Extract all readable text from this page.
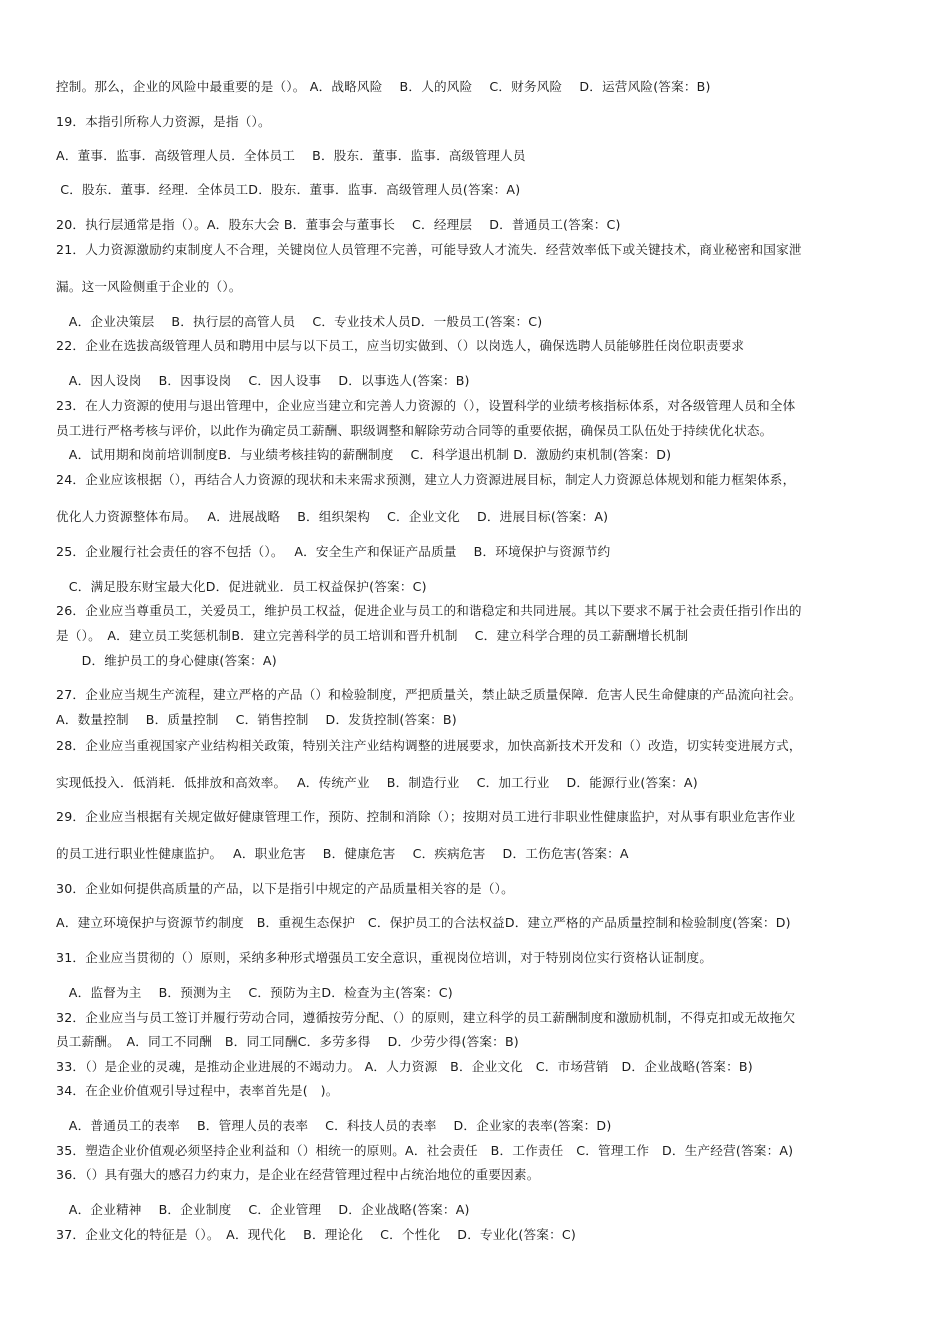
控制。那么，企业的风险中最重要的是（）。 A．战略风险　 B．人的风险　 C．财务风险　 D．运营风险(答案：B)
19．本指引所称人力资源，是指（）。
A．董事．监事．高级管理人员．全体员工　 B．股东．董事．监事．高级管理人员
C．股东．董事．经理．全体员工D．股东．董事．监事．高级管理人员(答案：A)
20．执行层通常是指（）。A．股东大会 B．董事会与董事长　 C．经理层　 D．普通员工(答案：C)
21．人力资源激励约束制度人不合理，关键岗位人员管理不完善，可能导致人才流失．经营效率低下或关键技术，商业秘密和国家泄
漏。这一风险侧重于企业的（）。
　A．企业决策层　 B．执行层的高管人员　 C．专业技术人员D．一般员工(答案：C)
22．企业在选拔高级管理人员和聘用中层与以下员工，应当切实做到、（）以岗选人，确保选聘人员能够胜任岗位职责要求
　A．因人设岗　 B．因事设岗　 C．因人设事　 D．以事选人(答案：B)
23．在人力资源的使用与退出管理中，企业应当建立和完善人力资源的（），设置科学的业绩考核指标体系，对各级管理人员和全体
员工进行严格考核与评价，以此作为确定员工薪酬、职级调整和解除劳动合同等的重要依据，确保员工队伍处于持续优化状态。
　A．试用期和岗前培训制度B．与业绩考核挂钩的薪酬制度　 C．科学退出机制 D．激励约束机制(答案：D)
24．企业应该根据（），再结合人力资源的现状和未来需求预测，建立人力资源进展目标，制定人力资源总体规划和能力框架体系，
优化人力资源整体布局。　 A．进展战略　 B．组织架构　 C．企业文化　 D．进展目标(答案：A)
25．企业履行社会责任的容不包括（）。　 A．安全生产和保证产品质量　 B．环境保护与资源节约
　C．满足股东财宝最大化D．促进就业．员工权益保护(答案：C)
26．企业应当尊重员工，关爱员工，维护员工权益，促进企业与员工的和谐稳定和共同进展。其以下要求不属于社会责任指引作出的
是（）。　A．建立员工奖惩机制B．建立完善科学的员工培训和晋升机制　 C．建立科学合理的员工薪酬增长机制
　　D．维护员工的身心健康(答案：A)
27．企业应当规生产流程，建立严格的产品（）和检验制度，严把质量关，禁止缺乏质量保障．危害人民生命健康的产品流向社会。
A．数量控制　 B．质量控制　 C．销售控制　 D．发货控制(答案：B)
28．企业应当重视国家产业结构相关政策，特别关注产业结构调整的进展要求，加快高新技术开发和（）改造，切实转变进展方式，
实现低投入．低消耗．低排放和高效率。　 A．传统产业　 B．制造行业　 C．加工行业　 D．能源行业(答案：A)
29．企业应当根据有关规定做好健康管理工作，预防、控制和消除（）；按期对员工进行非职业性健康监护，对从事有职业危害作业
的员工进行职业性健康监护。　 A．职业危害　 B．健康危害　 C．疾病危害　 D．工伤危害(答案：A
30．企业如何提供高质量的产品，以下是指引中规定的产品质量相关容的是（）。
A．建立环境保护与资源节约制度　B．重视生态保护　C．保护员工的合法权益D．建立严格的产品质量控制和检验制度(答案：D)
31．企业应当贯彻的（）原则，采纳多种形式增强员工安全意识，重视岗位培训，对于特别岗位实行资格认证制度。
　A．监督为主　 B．预测为主　 C．预防为主D．检查为主(答案：C)
32．企业应当与员工签订并履行劳动合同，遵循按劳分配、（）的原则，建立科学的员工薪酬制度和激励机制，不得克扣或无故拖欠
员工薪酬。　A．同工不同酬　B．同工同酬C．多劳多得　 D．少劳少得(答案：B)
33．（）是企业的灵魂，是推动企业进展的不竭动力。 A．人力资源　B．企业文化　C．市场营销　D．企业战略(答案：B)
34．在企业价值观引导过程中，表率首先是(　)。
　A．普通员工的表率　 B．管理人员的表率　 C．科技人员的表率　 D．企业家的表率(答案：D)
35．塑造企业价值观必须坚持企业利益和（）相统一的原则。A．社会责任　B．工作责任　C．管理工作　D．生产经营(答案：A)
36．（）具有强大的感召力约束力，是企业在经营管理过程中占统治地位的重要因素。
　A．企业精神　 B．企业制度　 C．企业管理　 D．企业战略(答案：A)
37．企业文化的特征是（）。　A．现代化　 B．理论化　 C．个性化　 D．专业化(答案：C)
